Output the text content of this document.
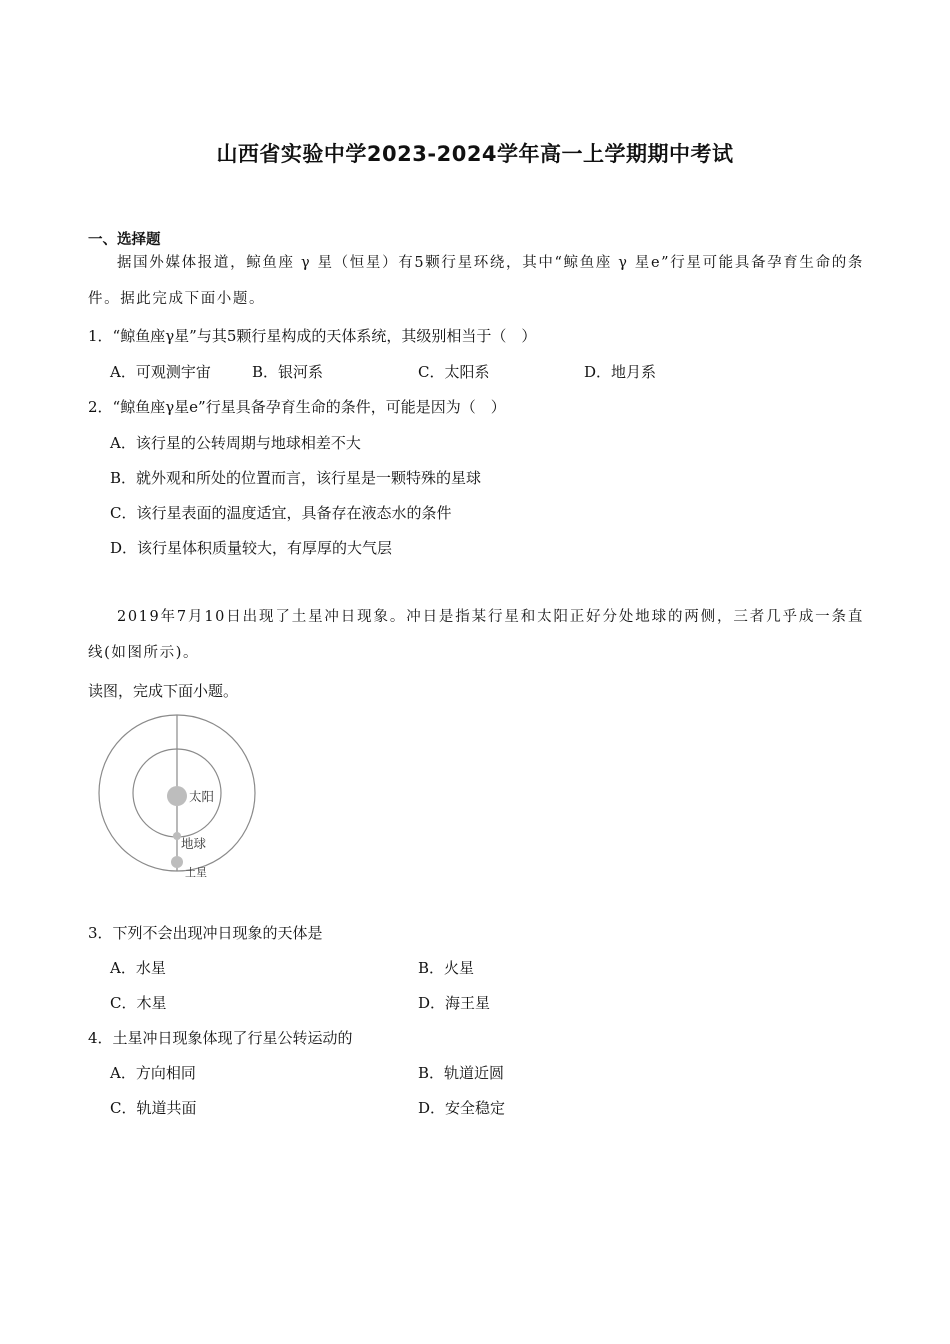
山西省实验中学2023-2024学年高一上学期期中考试
一、选择题
据国外媒体报道，鲸鱼座 γ 星（恒星）有5颗行星环绕，其中“鲸鱼座 γ 星e”行星可能具备孕育生命的条件。据此完成下面小题。
1．“鲸鱼座γ星”与其5颗行星构成的天体系统，其级别相当于（　）
A．可观测宇宙	B．银河系	C．太阳系	D．地月系
2．“鲸鱼座γ星e”行星具备孕育生命的条件，可能是因为（　）
A．该行星的公转周期与地球相差不大
B．就外观和所处的位置而言，该行星是一颗特殊的星球
C．该行星表面的温度适宜，具备存在液态水的条件
D．该行星体积质量较大，有厚厚的大气层
2019年7月10日出现了土星冲日现象。冲日是指某行星和太阳正好分处地球的两侧，三者几乎成一条直线(如图所示)。
读图，完成下面小题。
太阳
地球
土星
3．下列不会出现冲日现象的天体是
A．水星	B．火星
C．木星	D．海王星
4．土星冲日现象体现了行星公转运动的
A．方向相同	B．轨道近圆
C．轨道共面	D．安全稳定
